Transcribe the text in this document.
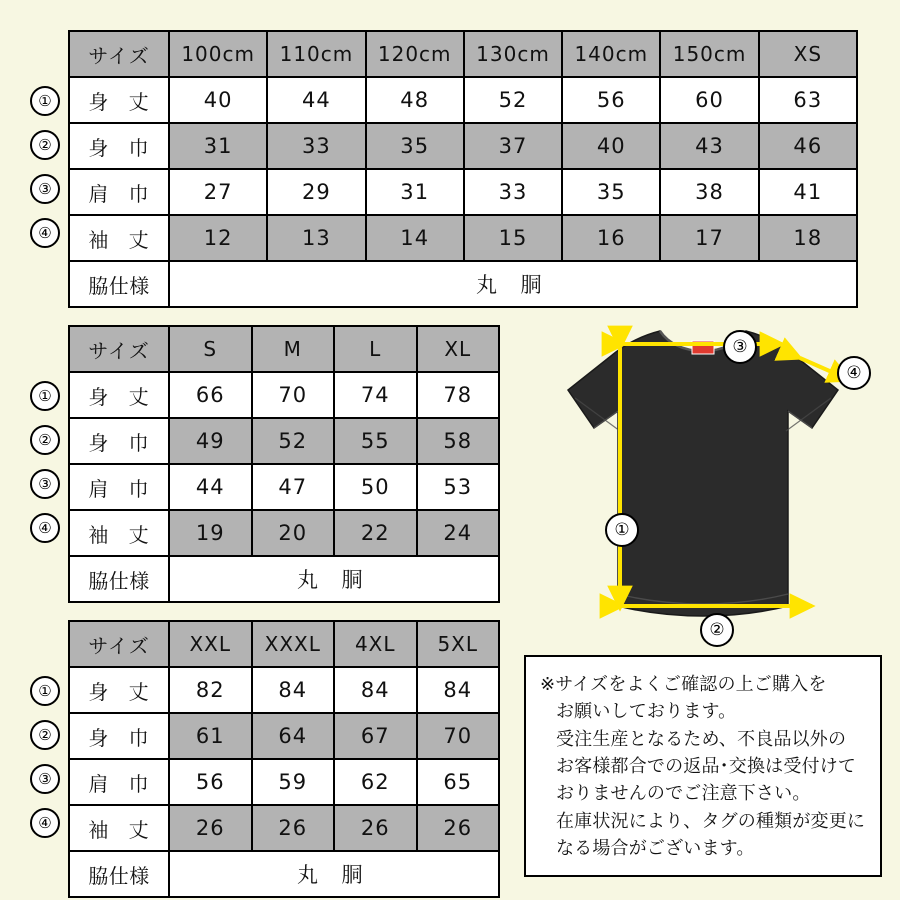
①
②
③
④
サイズ	100cm	110cm	120cm	130cm	140cm	150cm	XS
身 丈	40	44	48	52	56	60	63
身 巾	31	33	35	37	40	43	46
肩 巾	27	29	31	33	35	38	41
袖 丈	12	13	14	15	16	17	18
脇仕様	丸 胴						
①
②
③
④
サイズ	S	M	L	XL
身 丈	66	70	74	78
身 巾	49	52	55	58
肩 巾	44	47	50	53
袖 丈	19	20	22	24
脇仕様	丸 胴			
①
②
③
④
サイズ	XXL	XXXL	4XL	5XL
身 丈	82	84	84	84
身 巾	61	64	67	70
肩 巾	56	59	62	65
袖 丈	26	26	26	26
脇仕様	丸 胴			
③
④
①
②

※サイズをよくご確認の上ご購入を

お願いしております。

受注生産となるため、不良品以外の

お客様都合での返品･交換は受付けて

おりませんのでご注意下さい。

在庫状況により、タグの種類が変更に

なる場合がございます。
